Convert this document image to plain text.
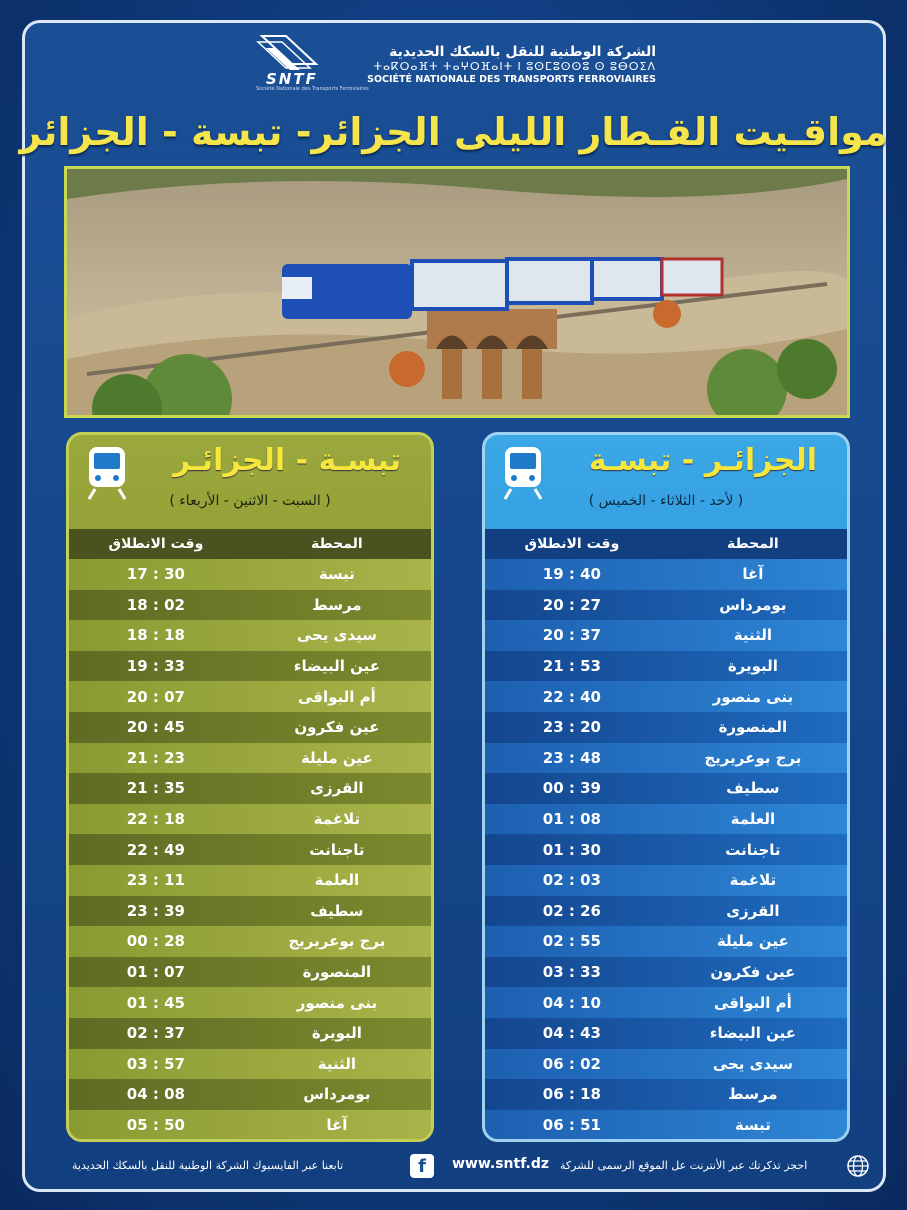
SNTF
Société Nationale des Transports Ferroviaires
الشركة الوطنية للنقل بالسكك الحديدية
ⵜⴰⴽⵔⴰⴼⵜ ⵜⴰⵖⵔⴼⴰⵏⵜ ⵏ ⵓⵙⵎⵓⵙⵙⵓ ⵙ ⵓⴱⵔⵉⴷ
SOCIÉTÉ NATIONALE DES TRANSPORTS FERROVIAIRES
مواقـيت القـطار الليلى الجزائر- تبسة - الجزائر
تبسـة - الجزائـر
( السبت - الاثنين - الأربعاء )
المحطة
وقت الانطلاق
تبسة
17 : 30
مرسط
18 : 02
سيدى يحى
18 : 18
عين البيضاء
19 : 33
أم البواقى
20 : 07
عين فكرون
20 : 45
عين مليلة
21 : 23
القرزى
21 : 35
تلاغمة
22 : 18
تاجنانت
22 : 49
العلمة
23 : 11
سطيف
23 : 39
برج بوعريريج
00 : 28
المنصورة
01 : 07
بنى منصور
01 : 45
البويرة
02 : 37
الثنية
03 : 57
بومرداس
04 : 08
آغا
05 : 50
الجزائـر - تبسـة
( لأحد - الثلاثاء - الخميس )
المحطة
وقت الانطلاق
آغا
19 : 40
بومرداس
20 : 27
الثنية
20 : 37
البويرة
21 : 53
بنى منصور
22 : 40
المنصورة
23 : 20
برج بوعريريج
23 : 48
سطيف
00 : 39
العلمة
01 : 08
تاجنانت
01 : 30
تلاغمة
02 : 03
القرزى
02 : 26
عين مليلة
02 : 55
عين فكرون
03 : 33
أم البواقى
04 : 10
عين البيضاء
04 : 43
سيدى يحى
06 : 02
مرسط
06 : 18
تبسة
06 : 51
تابعنا عبر الفايسبوك الشركة الوطنية للنقل بالسكك الحديدية	f	www.sntf.dz احجز تذكرتك عبر الأنترنت عل الموقع الرسمى للشركة
